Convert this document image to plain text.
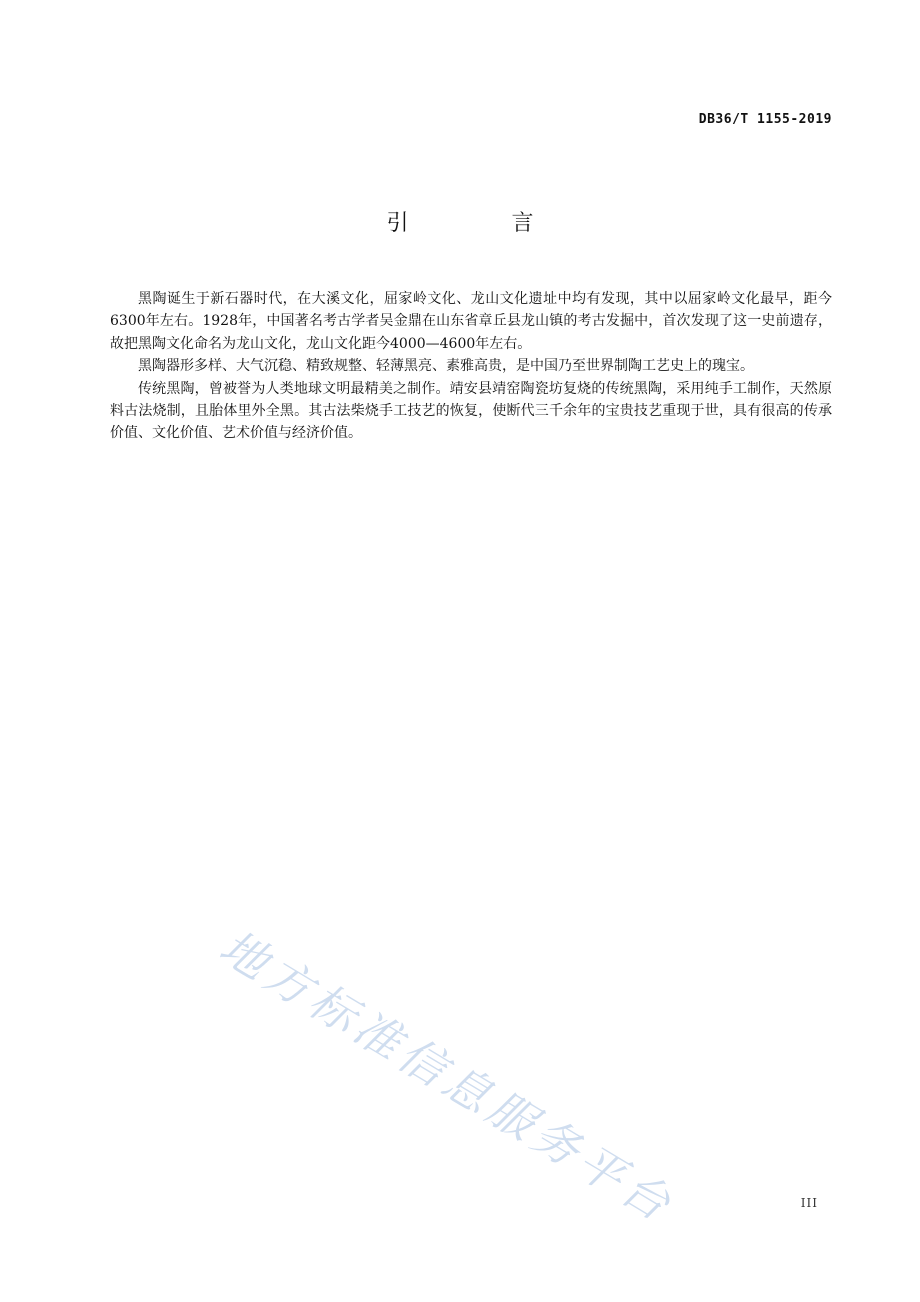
DB36/T 1155-2019
引 言

黑陶诞生于新石器时代，在大溪文化，屈家岭文化、龙山文化遗址中均有发现，其中以屈家岭文化最早，距今6300年左右。1928年，中国著名考古学者吴金鼎在山东省章丘县龙山镇的考古发掘中，首次发现了这一史前遗存，故把黑陶文化命名为龙山文化，龙山文化距今4000—4600年左右。

黑陶器形多样、大气沉稳、精致规整、轻薄黑亮、素雅高贵，是中国乃至世界制陶工艺史上的瑰宝。

传统黑陶，曾被誉为人类地球文明最精美之制作。靖安县靖窑陶瓷坊复烧的传统黑陶，采用纯手工制作，天然原料古法烧制，且胎体里外全黑。其古法柴烧手工技艺的恢复，使断代三千余年的宝贵技艺重现于世，具有很高的传承价值、文化价值、艺术价值与经济价值。

地方标准信息服务平台	III
